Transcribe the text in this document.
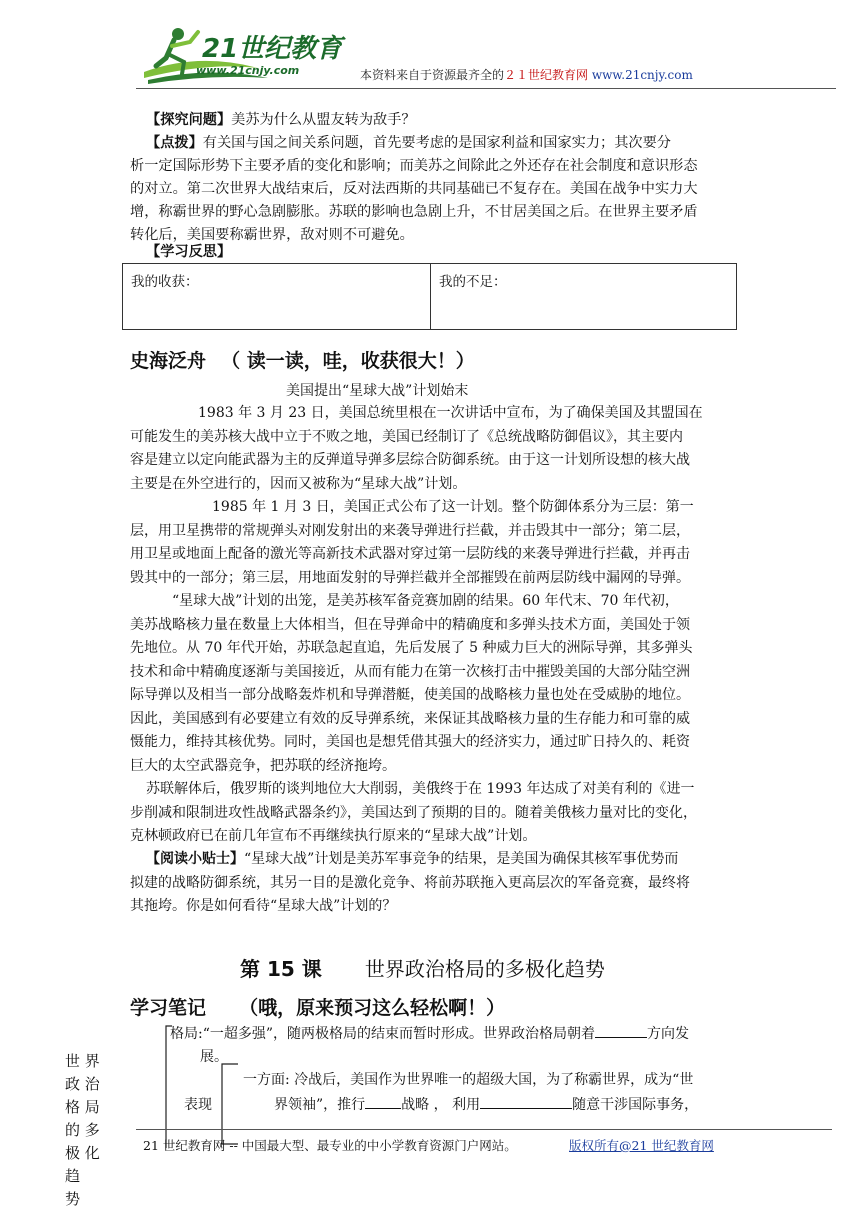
21世纪教育
www.21cnjy.com	本资料来自于资源最齐全的２１世纪教育网 www.21cnjy.com
【探究问题】美苏为什么从盟友转为敌手？
【点拨】有关国与国之间关系问题，首先要考虑的是国家利益和国家实力；其次要分
析一定国际形势下主要矛盾的变化和影响；而美苏之间除此之外还存在社会制度和意识形态
的对立。第二次世界大战结束后，反对法西斯的共同基础已不复存在。美国在战争中实力大
增，称霸世界的野心急剧膨胀。苏联的影响也急剧上升，不甘居美国之后。在世界主要矛盾
转化后，美国要称霸世界，敌对则不可避免。
【学习反思】
我的收获：	我的不足：
史海泛舟 （ 读一读，哇，收获很大！）
美国提出“星球大战”计划始末
1983 年 3 月 23 日，美国总统里根在一次讲话中宣布，为了确保美国及其盟国在
可能发生的美苏核大战中立于不败之地，美国已经制订了《总统战略防御倡议》，其主要内
容是建立以定向能武器为主的反弹道导弹多层综合防御系统。由于这一计划所设想的核大战
主要是在外空进行的，因而又被称为“星球大战”计划。
1985 年 1 月 3 日，美国正式公布了这一计划。整个防御体系分为三层：第一
层，用卫星携带的常规弹头对刚发射出的来袭导弹进行拦截，并击毁其中一部分；第二层，
用卫星或地面上配备的激光等高新技术武器对穿过第一层防线的来袭导弹进行拦截，并再击
毁其中的一部分；第三层，用地面发射的导弹拦截并全部摧毁在前两层防线中漏网的导弹。
“星球大战”计划的出笼，是美苏核军备竞赛加剧的结果。60 年代末、70 年代初，
美苏战略核力量在数量上大体相当，但在导弹命中的精确度和多弹头技术方面，美国处于领
先地位。从 70 年代开始，苏联急起直追，先后发展了 5 种威力巨大的洲际导弹，其多弹头
技术和命中精确度逐渐与美国接近，从而有能力在第一次核打击中摧毁美国的大部分陆空洲
际导弹以及相当一部分战略轰炸机和导弹潜艇，使美国的战略核力量也处在受威胁的地位。
因此，美国感到有必要建立有效的反导弹系统，来保证其战略核力量的生存能力和可靠的威
慑能力，维持其核优势。同时，美国也是想凭借其强大的经济实力，通过旷日持久的、耗资
巨大的太空武器竞争，把苏联的经济拖垮。
苏联解体后，俄罗斯的谈判地位大大削弱，美俄终于在 1993 年达成了对美有利的《进一
步削减和限制进攻性战略武器条约》，美国达到了预期的目的。随着美俄核力量对比的变化，
克林顿政府已在前几年宣布不再继续执行原来的“星球大战”计划。
【阅读小贴士】“星球大战”计划是美苏军事竞争的结果，是美国为确保其核军事优势而
拟建的战略防御系统，其另一目的是激化竞争、将前苏联拖入更高层次的军备竞赛，最终将
其拖垮。你是如何看待“星球大战”计划的？
第 15 课 世界政治格局的多极化趋势
学习笔记 （哦，原来预习这么轻松啊！）
格局:“一超多强”，随两极格局的结束而暂时形成。世界政治格局朝着	方向发
展。
表现
一方面: 冷战后，美国作为世界唯一的超级大国，为了称霸世界，成为“世
界领袖”，推行	战略 ， 利用	随意干涉国际事务，
世 界
政 治
格 局
的 多
极 化
趋
势
21 世纪教育网 -- 中国最大型、最专业的中小学教育资源门户网站。	版权所有@21 世纪教育网
